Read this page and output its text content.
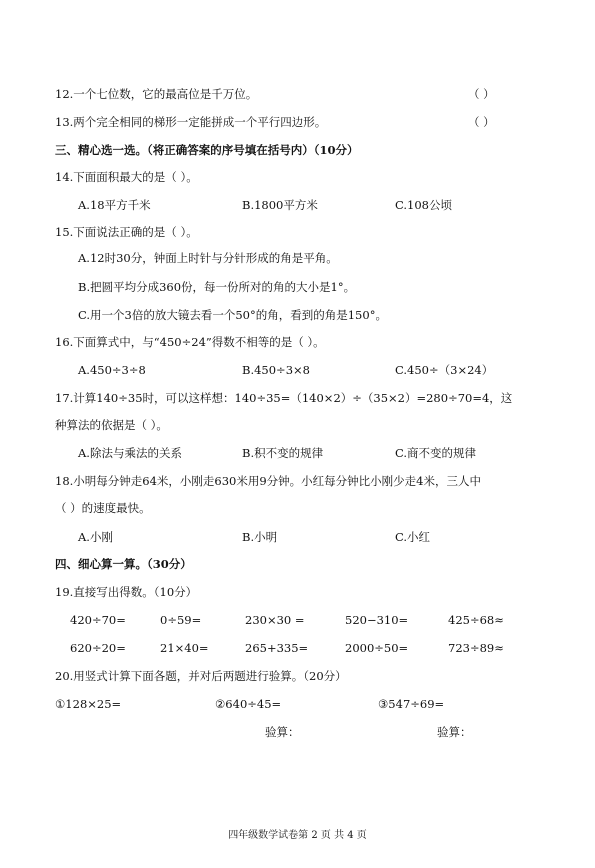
12.一个七位数，它的最高位是千万位。	（ ）
13.两个完全相同的梯形一定能拼成一个平行四边形。	（ ）
三、精心选一选。（将正确答案的序号填在括号内）（10分）
14.下面面积最大的是（ ）。
A.18平方千米	B.1800平方米	C.108公顷
15.下面说法正确的是（ ）。
A.12时30分，钟面上时针与分针形成的角是平角。
B.把圆平均分成360份，每一份所对的角的大小是1°。
C.用一个3倍的放大镜去看一个50°的角，看到的角是150°。
16.下面算式中，与“450÷24”得数不相等的是（ ）。
A.450÷3÷8	B.450÷3×8	C.450÷（3×24）
17.计算140÷35时，可以这样想：140÷35=（140×2）÷（35×2）=280÷70=4，这
种算法的依据是（ ）。
A.除法与乘法的关系	B.积不变的规律	C.商不变的规律
18.小明每分钟走64米，小刚走630米用9分钟。小红每分钟比小刚少走4米，三人中
（ ）的速度最快。
A.小刚	B.小明	C.小红
四、细心算一算。（30分）
19.直接写出得数。（10分）
420÷70=	0÷59=	230×30 =	520−310=	425÷68≈
620÷20=	21×40=	265+335=	2000÷50=	723÷89≈
20.用竖式计算下面各题，并对后两题进行验算。（20分）
①128×25=	②640÷45=	③547÷69=
验算：	验算：
四年级数学试卷第 2 页 共 4 页
